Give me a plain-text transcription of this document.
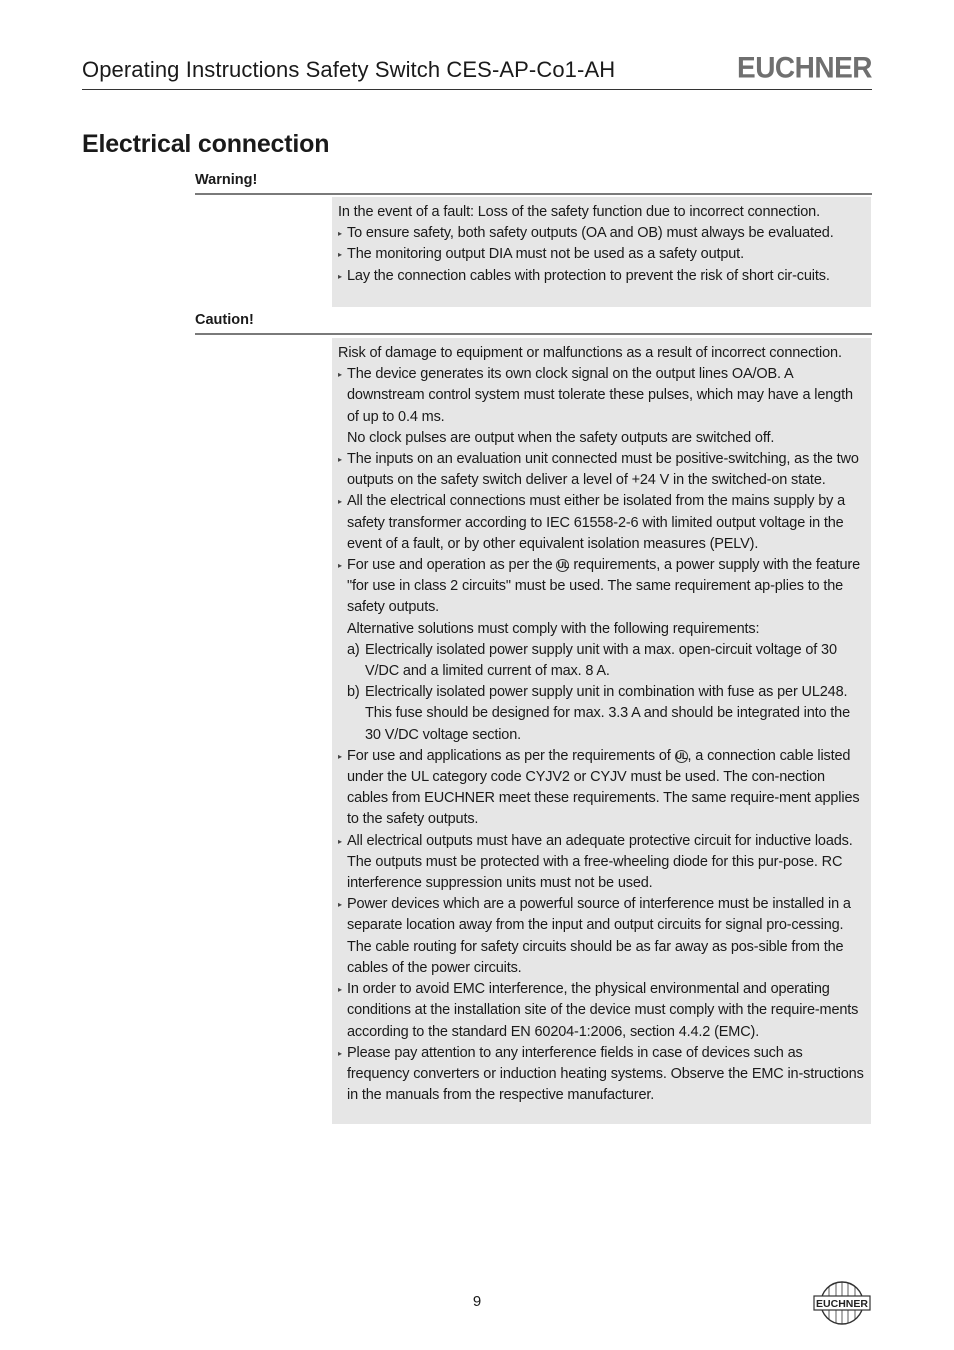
Operating Instructions Safety Switch CES-AP-Co1-AH	EUCHNER
Electrical connection
Warning!

In the event of a fault: Loss of the safety function due to incorrect connection.

▸ To ensure safety, both safety outputs (OA and OB) must always be evaluated.
▸ The monitoring output DIA must not be used as a safety output.
▸ Lay the connection cables with protection to prevent the risk of short cir-cuits.
Caution!

Risk of damage to equipment or malfunctions as a result of incorrect connection.

▸ The device generates its own clock signal on the output lines OA/OB. A downstream control system must tolerate these pulses, which may have a length of up to 0.4 ms.
No clock pulses are output when the safety outputs are switched off.
▸ The inputs on an evaluation unit connected must be positive-switching, as the two outputs on the safety switch deliver a level of +24 V in the switched-on state.
▸ All the electrical connections must either be isolated from the mains supply by a safety transformer according to IEC 61558-2-6 with limited output voltage in the event of a fault, or by other equivalent isolation measures (PELV).
▸ For use and operation as per the UL requirements, a power supply with the feature "for use in class 2 circuits" must be used. The same requirement ap-plies to the safety outputs.
Alternative solutions must comply with the following requirements:
a) Electrically isolated power supply unit with a max. open-circuit voltage of 30 V/DC and a limited current of max. 8 A.
b) Electrically isolated power supply unit in combination with fuse as per UL248. This fuse should be designed for max. 3.3 A and should be integrated into the 30 V/DC voltage section.
▸ For use and applications as per the requirements of UL, a connection cable listed under the UL category code CYJV2 or CYJV must be used. The con-nection cables from EUCHNER meet these requirements. The same require-ment applies to the safety outputs.
▸ All electrical outputs must have an adequate protective circuit for inductive loads. The outputs must be protected with a free-wheeling diode for this pur-pose. RC interference suppression units must not be used.
▸ Power devices which are a powerful source of interference must be installed in a separate location away from the input and output circuits for signal pro-cessing. The cable routing for safety circuits should be as far away as pos-sible from the cables of the power circuits.
▸ In order to avoid EMC interference, the physical environmental and operating conditions at the installation site of the device must comply with the require-ments according to the standard EN 60204-1:2006, section 4.4.2 (EMC).
▸ Please pay attention to any interference fields in case of devices such as frequency converters or induction heating systems. Observe the EMC in-structions in the manuals from the respective manufacturer.
9	EUCHNER
